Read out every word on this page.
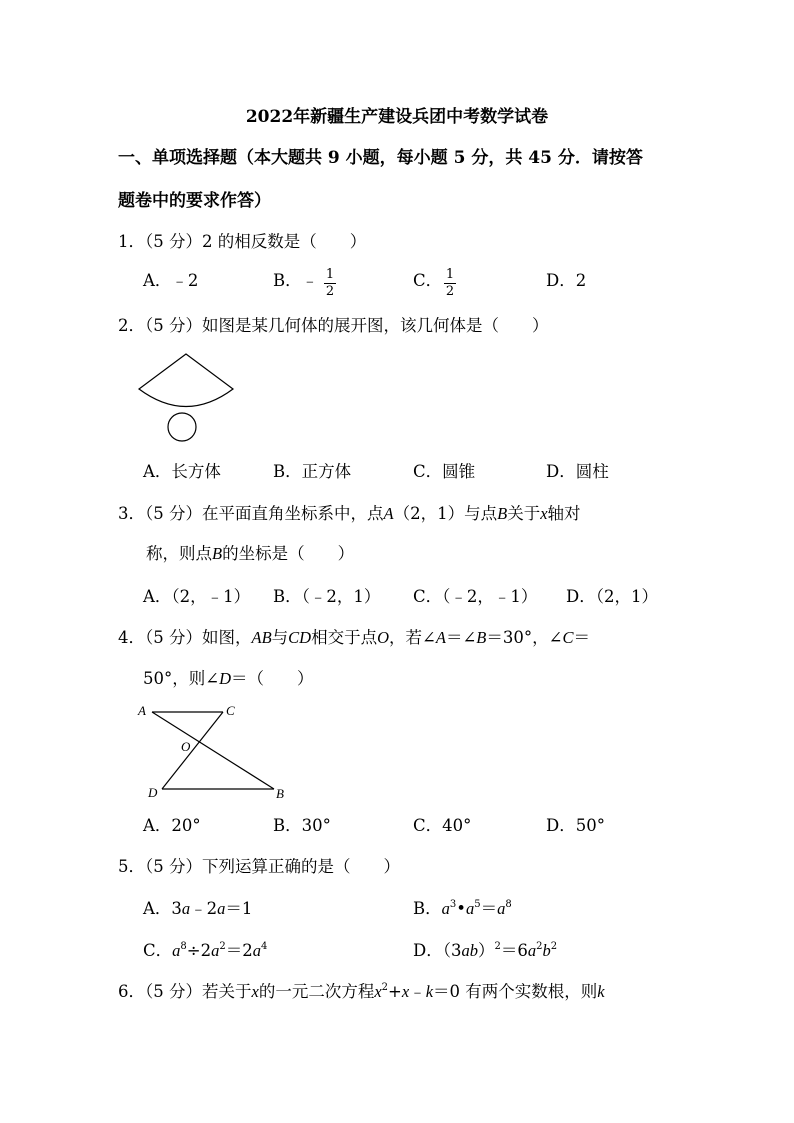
2022年新疆生产建设兵团中考数学试卷
一、单项选择题（本大题共 9 小题，每小题 5 分，共 45 分．请按答
题卷中的要求作答）
1．（5 分）2 的相反数是（　　）
A．﹣2	B．﹣ 1
2
C． 1
2
D．2
2．（5 分）如图是某几何体的展开图，该几何体是（　　）
A．长方体	B．正方体	C．圆锥	D．圆柱
3．（5 分）在平面直角坐标系中，点A（2，1）与点B关于x轴对
称，则点B的坐标是（　　）
A．（2，﹣1） B．（﹣2，1） C．（﹣2，﹣1） D．（2，1）
4．（5 分）如图，AB与CD相交于点O，若∠A＝∠B＝30°，∠C＝
50°，则∠D＝（　　）
A	C
O
D	B
A．20°	B．30°	C．40°	D．50°
5．（5 分）下列运算正确的是（　　）
A．3a﹣2a＝1	B．$a^3•a^5=a^8$
C．$a^8\div 2a^2=2a^4$	D．$(3ab)^2=6a^2b^2$
6．（5 分）若关于x的一元二次方程$x^2+x﹣k=0$ 有两个实数根，则k
